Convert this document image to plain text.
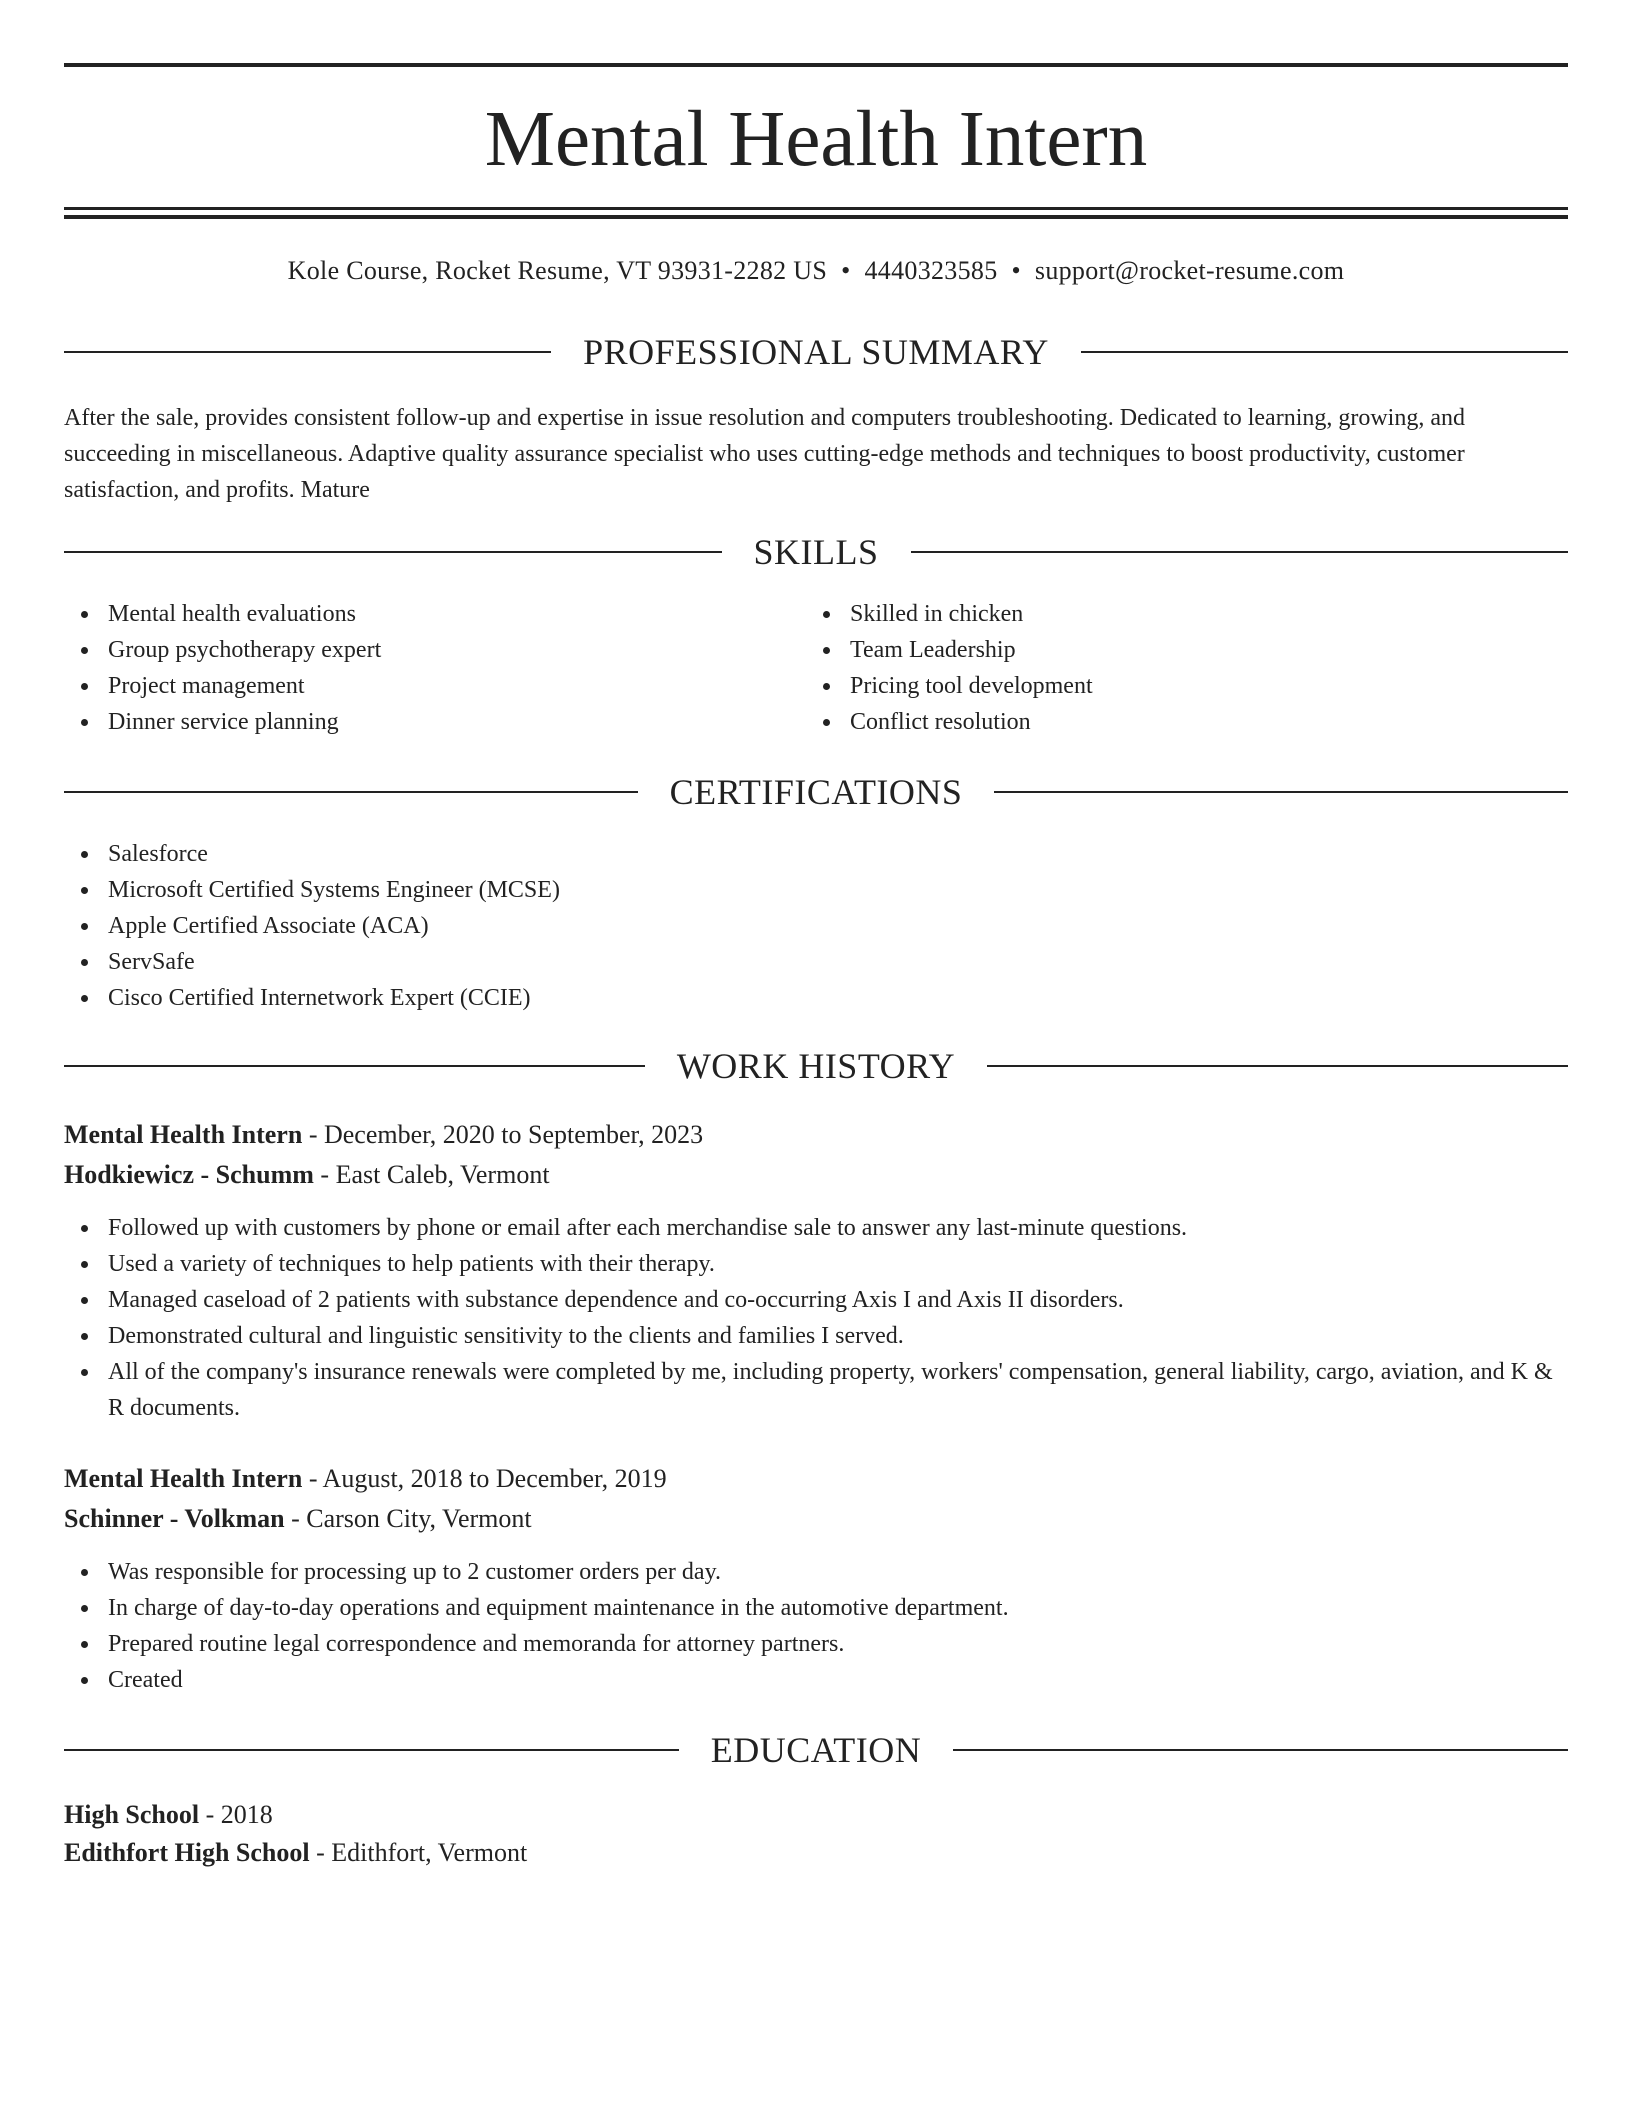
Mental Health Intern
Kole Course, Rocket Resume, VT 93931-2282 US • 4440323585 • support@rocket-resume.com
PROFESSIONAL SUMMARY

After the sale, provides consistent follow-up and expertise in issue resolution and computers troubleshooting. Dedicated to learning, growing, and succeeding in miscellaneous. Adaptive quality assurance specialist who uses cutting-edge methods and techniques to boost productivity, customer satisfaction, and profits. Mature

SKILLS
Mental health evaluations
Group psychotherapy expert
Project management
Dinner service planning
Skilled in chicken
Team Leadership
Pricing tool development
Conflict resolution
CERTIFICATIONS
Salesforce
Microsoft Certified Systems Engineer (MCSE)
Apple Certified Associate (ACA)
ServSafe
Cisco Certified Internetwork Expert (CCIE)
WORK HISTORY
Mental Health Intern - December, 2020 to September, 2023
Hodkiewicz - Schumm - East Caleb, Vermont
Followed up with customers by phone or email after each merchandise sale to answer any last-minute questions.
Used a variety of techniques to help patients with their therapy.
Managed caseload of 2 patients with substance dependence and co-occurring Axis I and Axis II disorders.
Demonstrated cultural and linguistic sensitivity to the clients and families I served.
All of the company's insurance renewals were completed by me, including property, workers' compensation, general liability, cargo, aviation, and K & R documents.
Mental Health Intern - August, 2018 to December, 2019
Schinner - Volkman - Carson City, Vermont
Was responsible for processing up to 2 customer orders per day.
In charge of day-to-day operations and equipment maintenance in the automotive department.
Prepared routine legal correspondence and memoranda for attorney partners.
Created
EDUCATION
High School - 2018
Edithfort High School - Edithfort, Vermont
